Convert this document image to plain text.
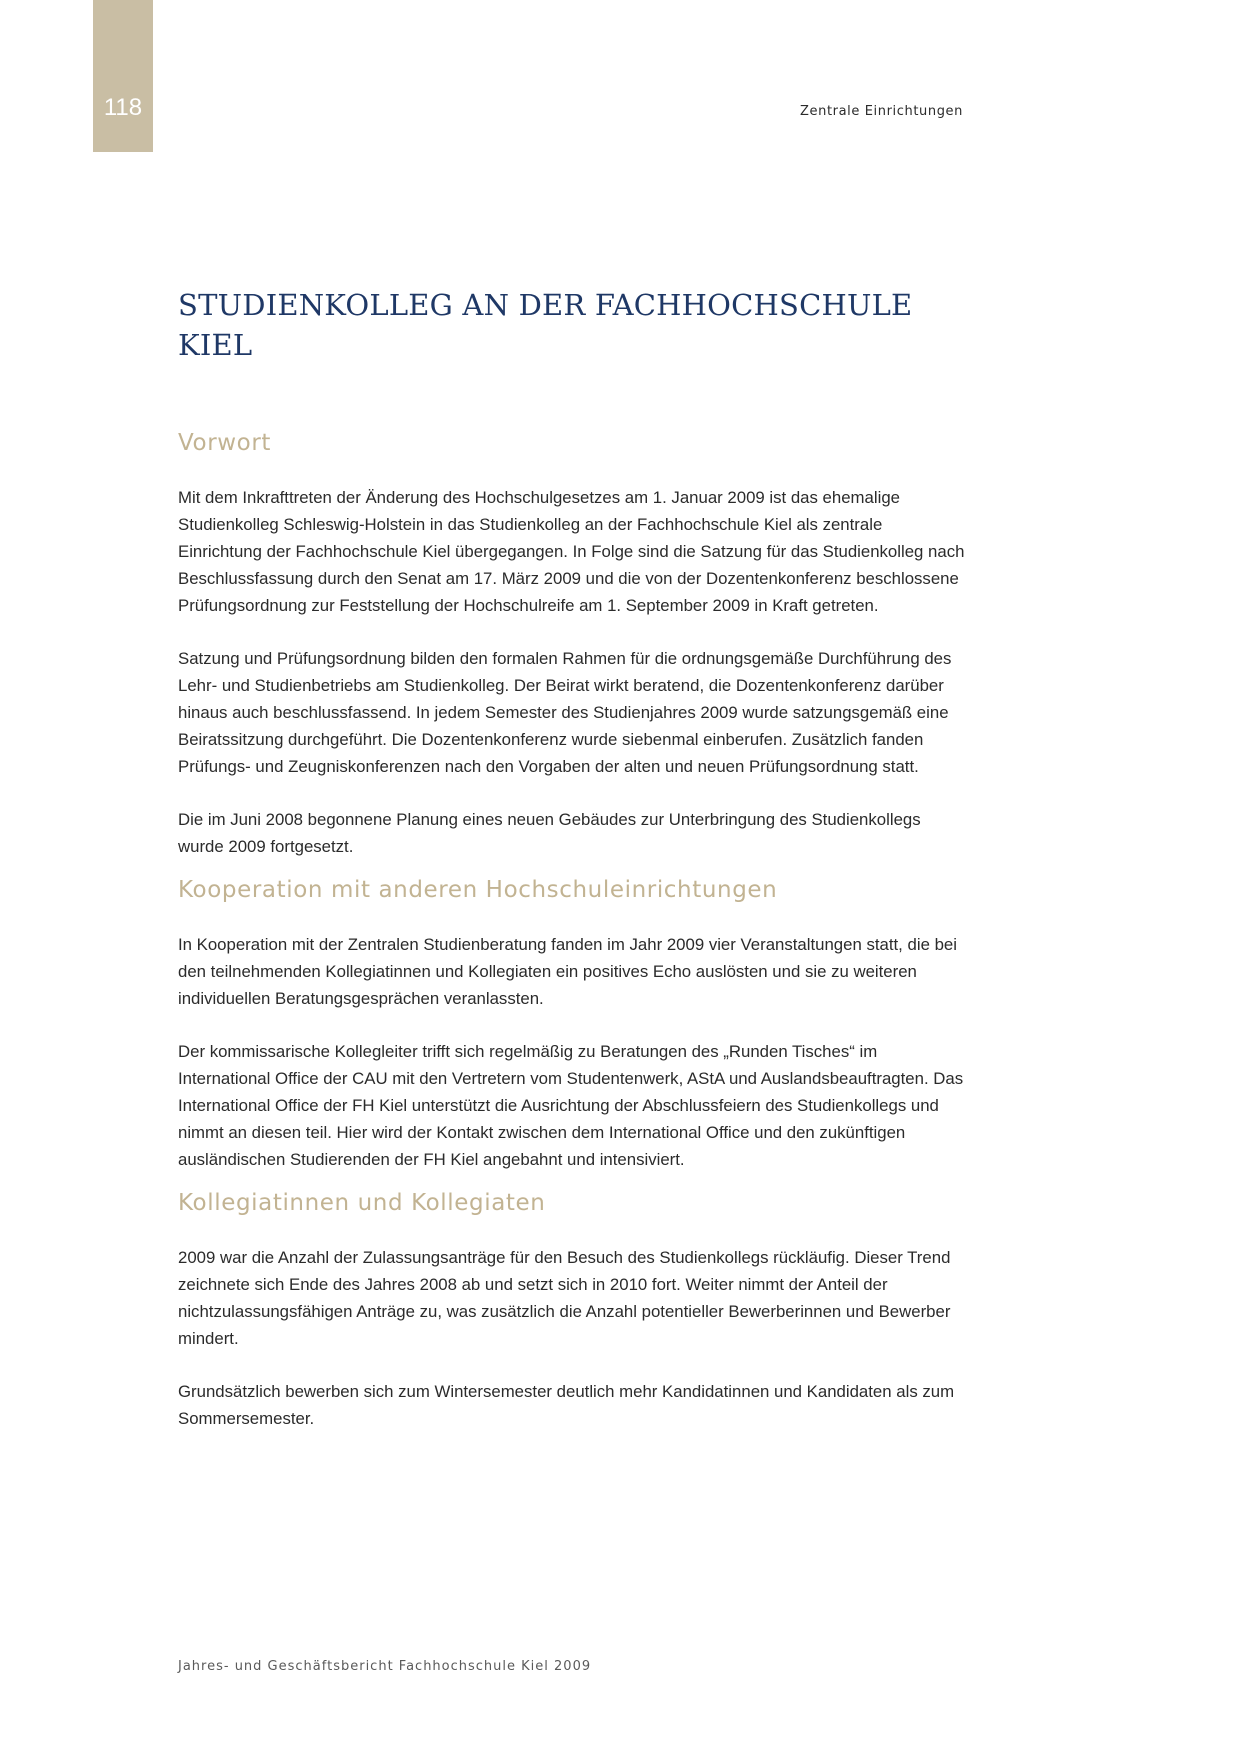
118	Zentrale Einrichtungen
STUDIENKOLLEG AN DER FACHHOCHSCHULE KIEL
Vorwort

Mit dem Inkrafttreten der Änderung des Hochschulgesetzes am 1. Januar 2009 ist das ehemalige Studienkolleg Schleswig-Holstein in das Studienkolleg an der Fachhochschule Kiel als zentrale Einrichtung der Fachhochschule Kiel übergegangen. In Folge sind die Satzung für das Studienkolleg nach Beschlussfassung durch den Senat am 17. März 2009 und die von der Dozentenkonferenz beschlossene Prüfungsordnung zur Feststellung der Hochschulreife am 1. September 2009 in Kraft getreten.

Satzung und Prüfungsordnung bilden den formalen Rahmen für die ordnungsgemäße Durchführung des Lehr- und Studienbetriebs am Studienkolleg. Der Beirat wirkt beratend, die Dozentenkonferenz darüber hinaus auch beschlussfassend. In jedem Semester des Studienjahres 2009 wurde satzungsgemäß eine Beiratssitzung durchgeführt. Die Dozentenkonferenz wurde siebenmal einberufen. Zusätzlich fanden Prüfungs- und Zeugniskonferenzen nach den Vorgaben der alten und neuen Prüfungsordnung statt.

Die im Juni 2008 begonnene Planung eines neuen Gebäudes zur Unterbringung des Studienkollegs wurde 2009 fortgesetzt.

Kooperation mit anderen Hochschuleinrichtungen

In Kooperation mit der Zentralen Studienberatung fanden im Jahr 2009 vier Veranstaltungen statt, die bei den teilnehmenden Kollegiatinnen und Kollegiaten ein positives Echo auslösten und sie zu weiteren individuellen Beratungsgesprächen veranlassten.

Der kommissarische Kollegleiter trifft sich regelmäßig zu Beratungen des „Runden Tisches“ im International Office der CAU mit den Vertretern vom Studentenwerk, AStA und Auslandsbeauftragten. Das International Office der FH Kiel unterstützt die Ausrichtung der Abschlussfeiern des Studienkollegs und nimmt an diesen teil. Hier wird der Kontakt zwischen dem International Office und den zukünftigen ausländischen Studierenden der FH Kiel angebahnt und intensiviert.

Kollegiatinnen und Kollegiaten

2009 war die Anzahl der Zulassungsanträge für den Besuch des Studienkollegs rückläufig. Dieser Trend zeichnete sich Ende des Jahres 2008 ab und setzt sich in 2010 fort. Weiter nimmt der Anteil der nichtzulassungsfähigen Anträge zu, was zusätzlich die Anzahl potentieller Bewerberinnen und Bewerber mindert.

Grundsätzlich bewerben sich zum Wintersemester deutlich mehr Kandidatinnen und Kandidaten als zum Sommersemester.

Jahres- und Geschäftsbericht Fachhochschule Kiel 2009
